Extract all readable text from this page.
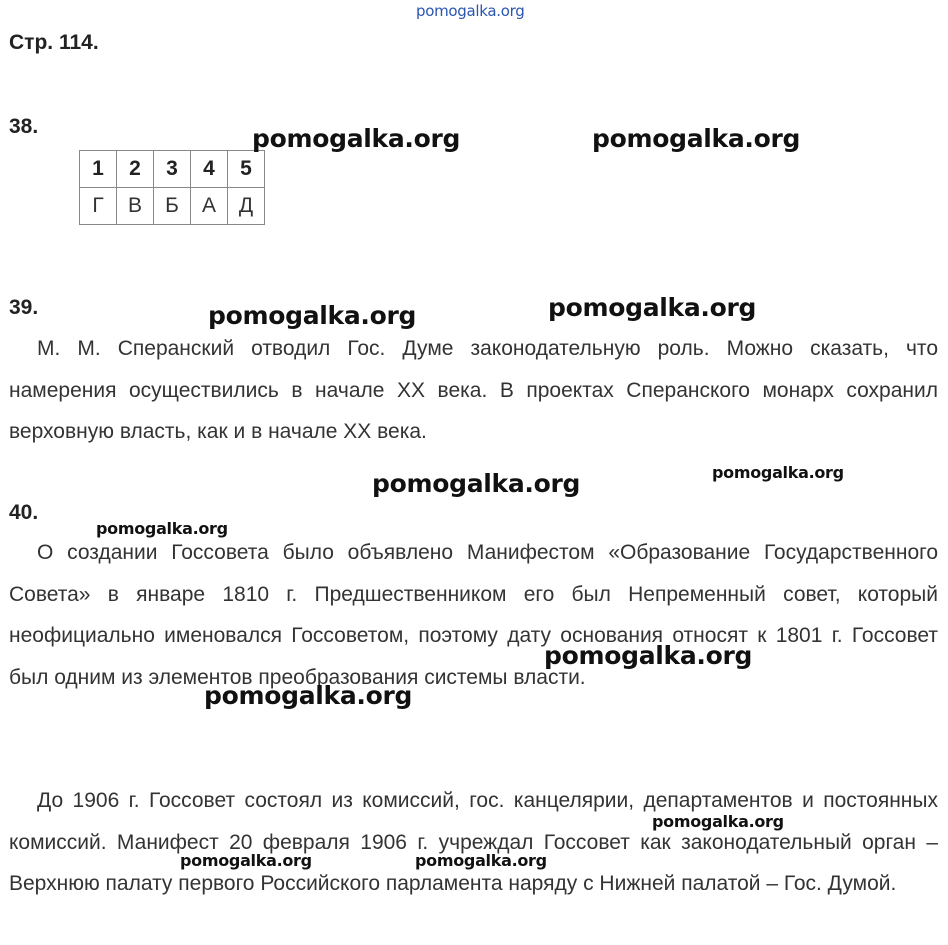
pomogalka.org
Стр. 114.
38.
1	2	3	4	5
Г	В	Б	А	Д
39.

М. М. Сперанский отводил Гос. Думе законодательную роль. Можно сказать, что намерения осуществились в начале XX века. В проектах Сперанского монарх сохранил верховную власть, как и в начале XX века.

40.

О создании Госсовета было объявлено Манифестом «Образование Государственного Совета» в январе 1810 г. Предшественником его был Непременный совет, который неофициально именовался Госсоветом, поэтому дату основания относят к 1801 г. Госсовет был одним из элементов преобразования системы власти.

До 1906 г. Госсовет состоял из комиссий, гос. канцелярии, департаментов и постоянных комиссий. Манифест 20 февраля 1906 г. учреждал Госсовет как законодательный орган – Верхнюю палату первого Российского парламента наряду с Нижней палатой – Гос. Думой.

pomogalka.org	pomogalka.org
pomogalka.org	pomogalka.org
pomogalka.org	pomogalka.org
pomogalka.org
pomogalka.org
pomogalka.org
pomogalka.org
pomogalka.org	pomogalka.org
